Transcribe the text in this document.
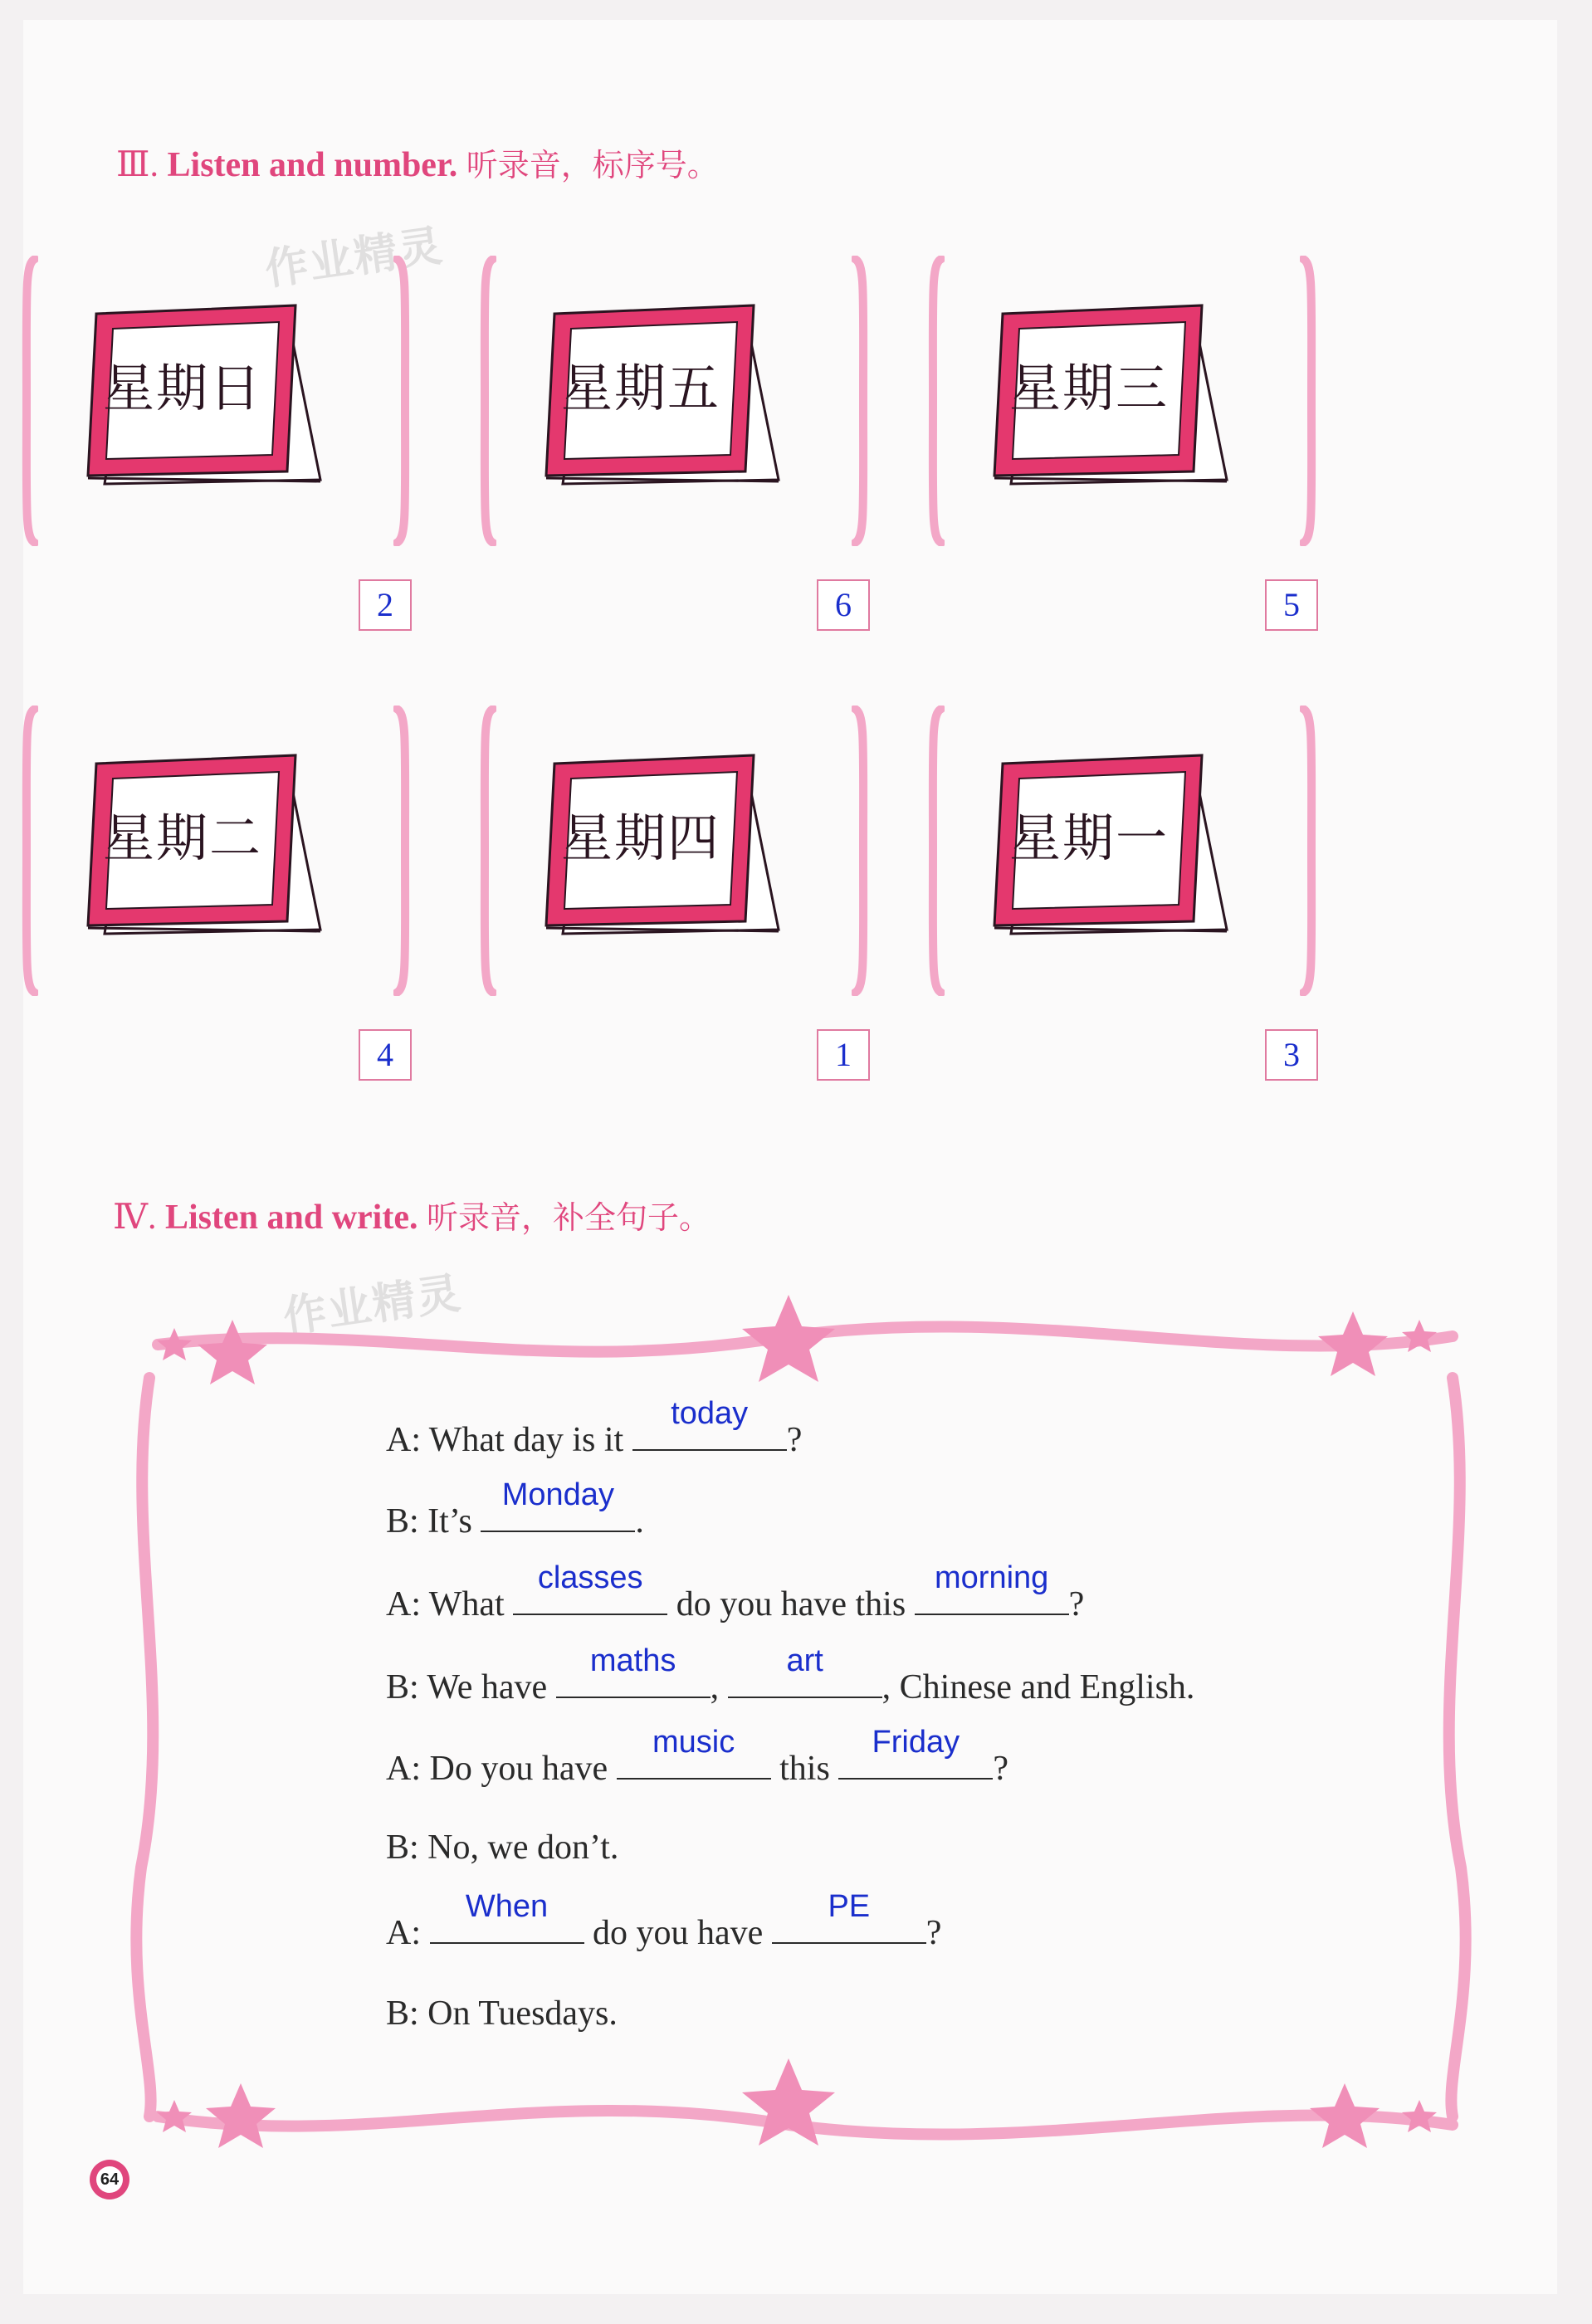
Ⅲ. Listen and number. 听录音，标序号。
作业精灵
星期日
2
星期五
6
星期三
5
星期二
4
星期四
1
星期一
3
Ⅳ. Listen and write. 听录音，补全句子。
作业精灵
A: What day is it
today
?
B: It’s
Monday
.
A: What
classes
do you have this
morning
?
B: We have
maths
,
art
, Chinese and English.
A: Do you have
music
this
Friday
?
B: No, we don’t.
A:
When
do you have
PE
?
B: On Tuesdays.
64
